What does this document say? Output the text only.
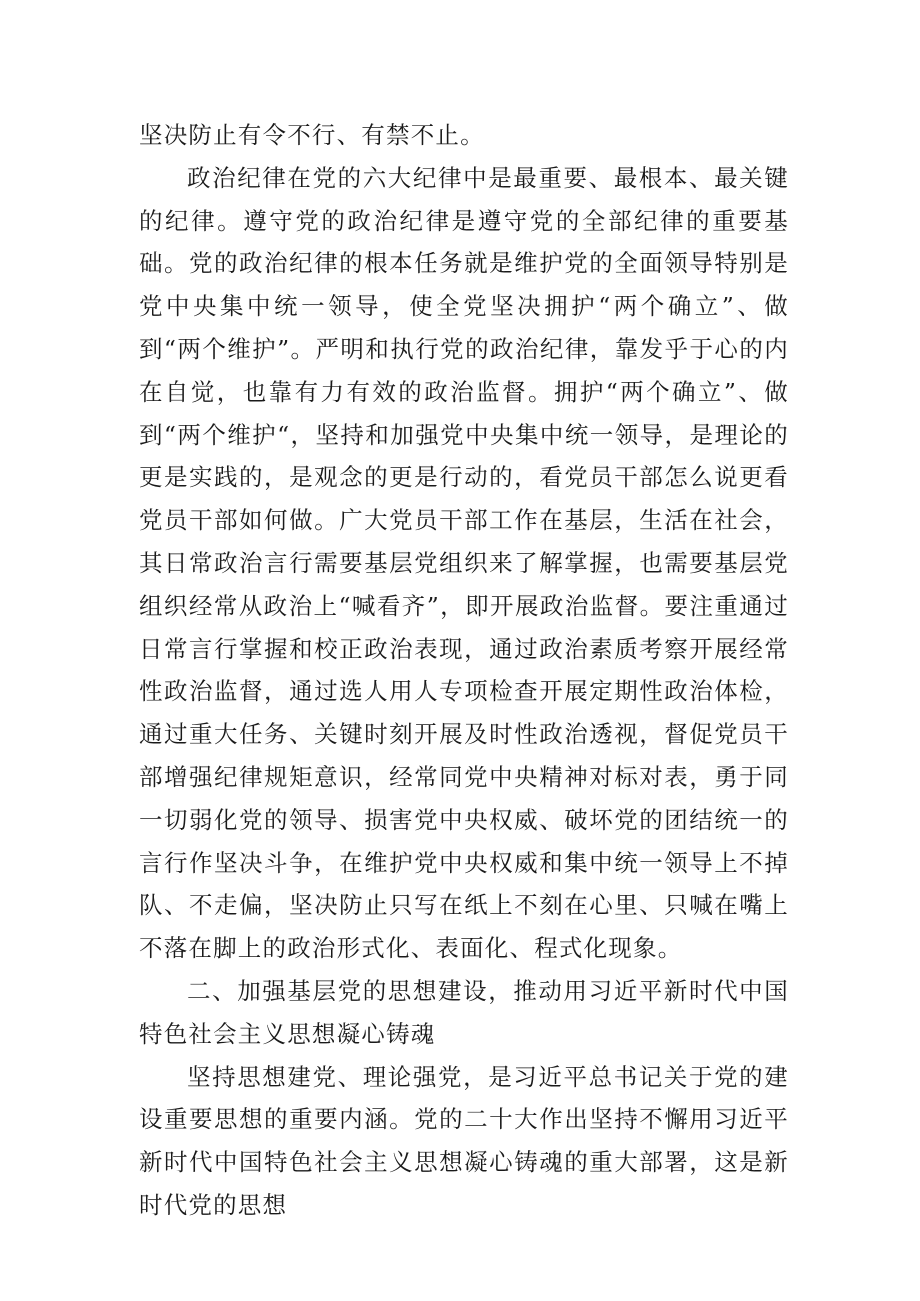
坚决防止有令不行、有禁不止。

政治纪律在党的六大纪律中是最重要、最根本、最关键的纪律。遵守党的政治纪律是遵守党的全部纪律的重要基础。党的政治纪律的根本任务就是维护党的全面领导特别是党中央集中统一领导，使全党坚决拥护“两个确立”、做到“两个维护”。严明和执行党的政治纪律，靠发乎于心的内在自觉，也靠有力有效的政治监督。拥护“两个确立”、做到“两个维护“，坚持和加强党中央集中统一领导，是理论的更是实践的，是观念的更是行动的，看党员干部怎么说更看党员干部如何做。广大党员干部工作在基层，生活在社会，其日常政治言行需要基层党组织来了解掌握，也需要基层党组织经常从政治上“喊看齐”，即开展政治监督。要注重通过日常言行掌握和校正政治表现，通过政治素质考察开展经常性政治监督，通过选人用人专项检查开展定期性政治体检，通过重大任务、关键时刻开展及时性政治透视，督促党员干部增强纪律规矩意识，经常同党中央精神对标对表，勇于同一切弱化党的领导、损害党中央权威、破坏党的团结统一的言行作坚决斗争，在维护党中央权威和集中统一领导上不掉队、不走偏，坚决防止只写在纸上不刻在心里、只喊在嘴上不落在脚上的政治形式化、表面化、程式化现象。

二、加强基层党的思想建设，推动用习近平新时代中国特色社会主义思想凝心铸魂

坚持思想建党、理论强党，是习近平总书记关于党的建设重要思想的重要内涵。党的二十大作出坚持不懈用习近平新时代中国特色社会主义思想凝心铸魂的重大部署，这是新时代党的思想
